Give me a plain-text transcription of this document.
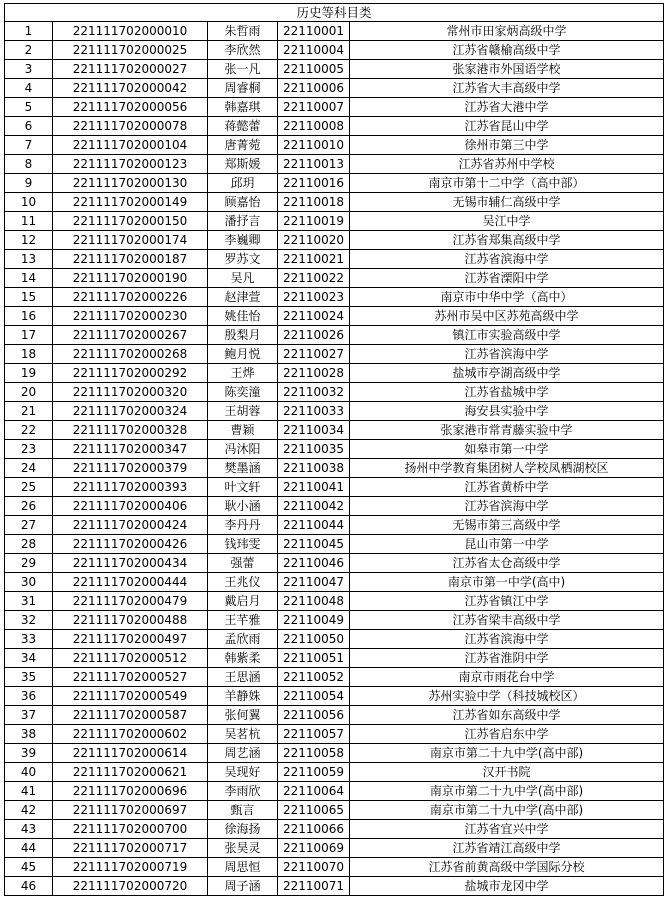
历史等科目类				
1	221111702000010	朱哲雨	22110001	常州市田家炳高级中学
2	221111702000025	李欣然	22110004	江苏省赣榆高级中学
3	221111702000027	张一凡	22110005	张家港市外国语学校
4	221111702000042	周睿桐	22110006	江苏省大丰高级中学
5	221111702000056	韩嘉琪	22110007	江苏省大港中学
6	221111702000078	蒋懿蕾	22110008	江苏省昆山中学
7	221111702000104	唐菁菀	22110010	徐州市第三中学
8	221111702000123	郑斯媛	22110013	江苏省苏州中学校
9	221111702000130	邱玥	22110016	南京市第十二中学（高中部）
10	221111702000149	顾嘉怡	22110018	无锡市辅仁高级中学
11	221111702000150	潘抒言	22110019	吴江中学
12	221111702000174	李巍卿	22110020	江苏省郑集高级中学
13	221111702000187	罗苏文	22110021	江苏省滨海中学
14	221111702000190	吴凡	22110022	江苏省溧阳中学
15	221111702000226	赵津萱	22110023	南京市中华中学（高中）
16	221111702000230	姚佳怡	22110024	苏州市吴中区苏苑高级中学
17	221111702000267	殷梨月	22110026	镇江市实验高级中学
18	221111702000268	鲍月悦	22110027	江苏省滨海中学
19	221111702000292	王烨	22110028	盐城市亭湖高级中学
20	221111702000320	陈奕潼	22110032	江苏省盐城中学
21	221111702000324	王胡蓉	22110033	海安县实验中学
22	221111702000328	曹颖	22110034	张家港市常青藤实验中学
23	221111702000347	冯沐阳	22110035	如皋市第一中学
24	221111702000379	樊墨涵	22110038	扬州中学教育集团树人学校凤栖湖校区
25	221111702000393	叶文轩	22110041	江苏省黄桥中学
26	221111702000406	耿小涵	22110042	江苏省滨海中学
27	221111702000424	李丹丹	22110044	无锡市第三高级中学
28	221111702000426	钱玮雯	22110045	昆山市第一中学
29	221111702000434	强蕾	22110046	江苏省太仓高级中学
30	221111702000444	王兆仪	22110047	南京市第一中学(高中)
31	221111702000479	戴启月	22110048	江苏省镇江中学
32	221111702000488	王芊雅	22110049	江苏省梁丰高级中学
33	221111702000497	孟欣雨	22110050	江苏省滨海中学
34	221111702000512	韩紫柔	22110051	江苏省淮阴中学
35	221111702000527	王思涵	22110052	南京市雨花台中学
36	221111702000549	羊静姝	22110054	苏州实验中学（科技城校区）
37	221111702000587	张何翼	22110056	江苏省如东高级中学
38	221111702000602	吴茗杭	22110057	江苏省启东中学
39	221111702000614	周艺涵	22110058	南京市第二十九中学(高中部)
40	221111702000621	吴现好	22110059	汉开书院
41	221111702000696	李雨欣	22110064	南京市第二十九中学(高中部)
42	221111702000697	甄言	22110065	南京市第二十九中学(高中部)
43	221111702000700	徐海扬	22110066	江苏省宜兴中学
44	221111702000717	张昊灵	22110069	江苏省靖江高级中学
45	221111702000719	周思恒	22110070	江苏省前黄高级中学国际分校
46	221111702000720	周子涵	22110071	盐城市龙冈中学
